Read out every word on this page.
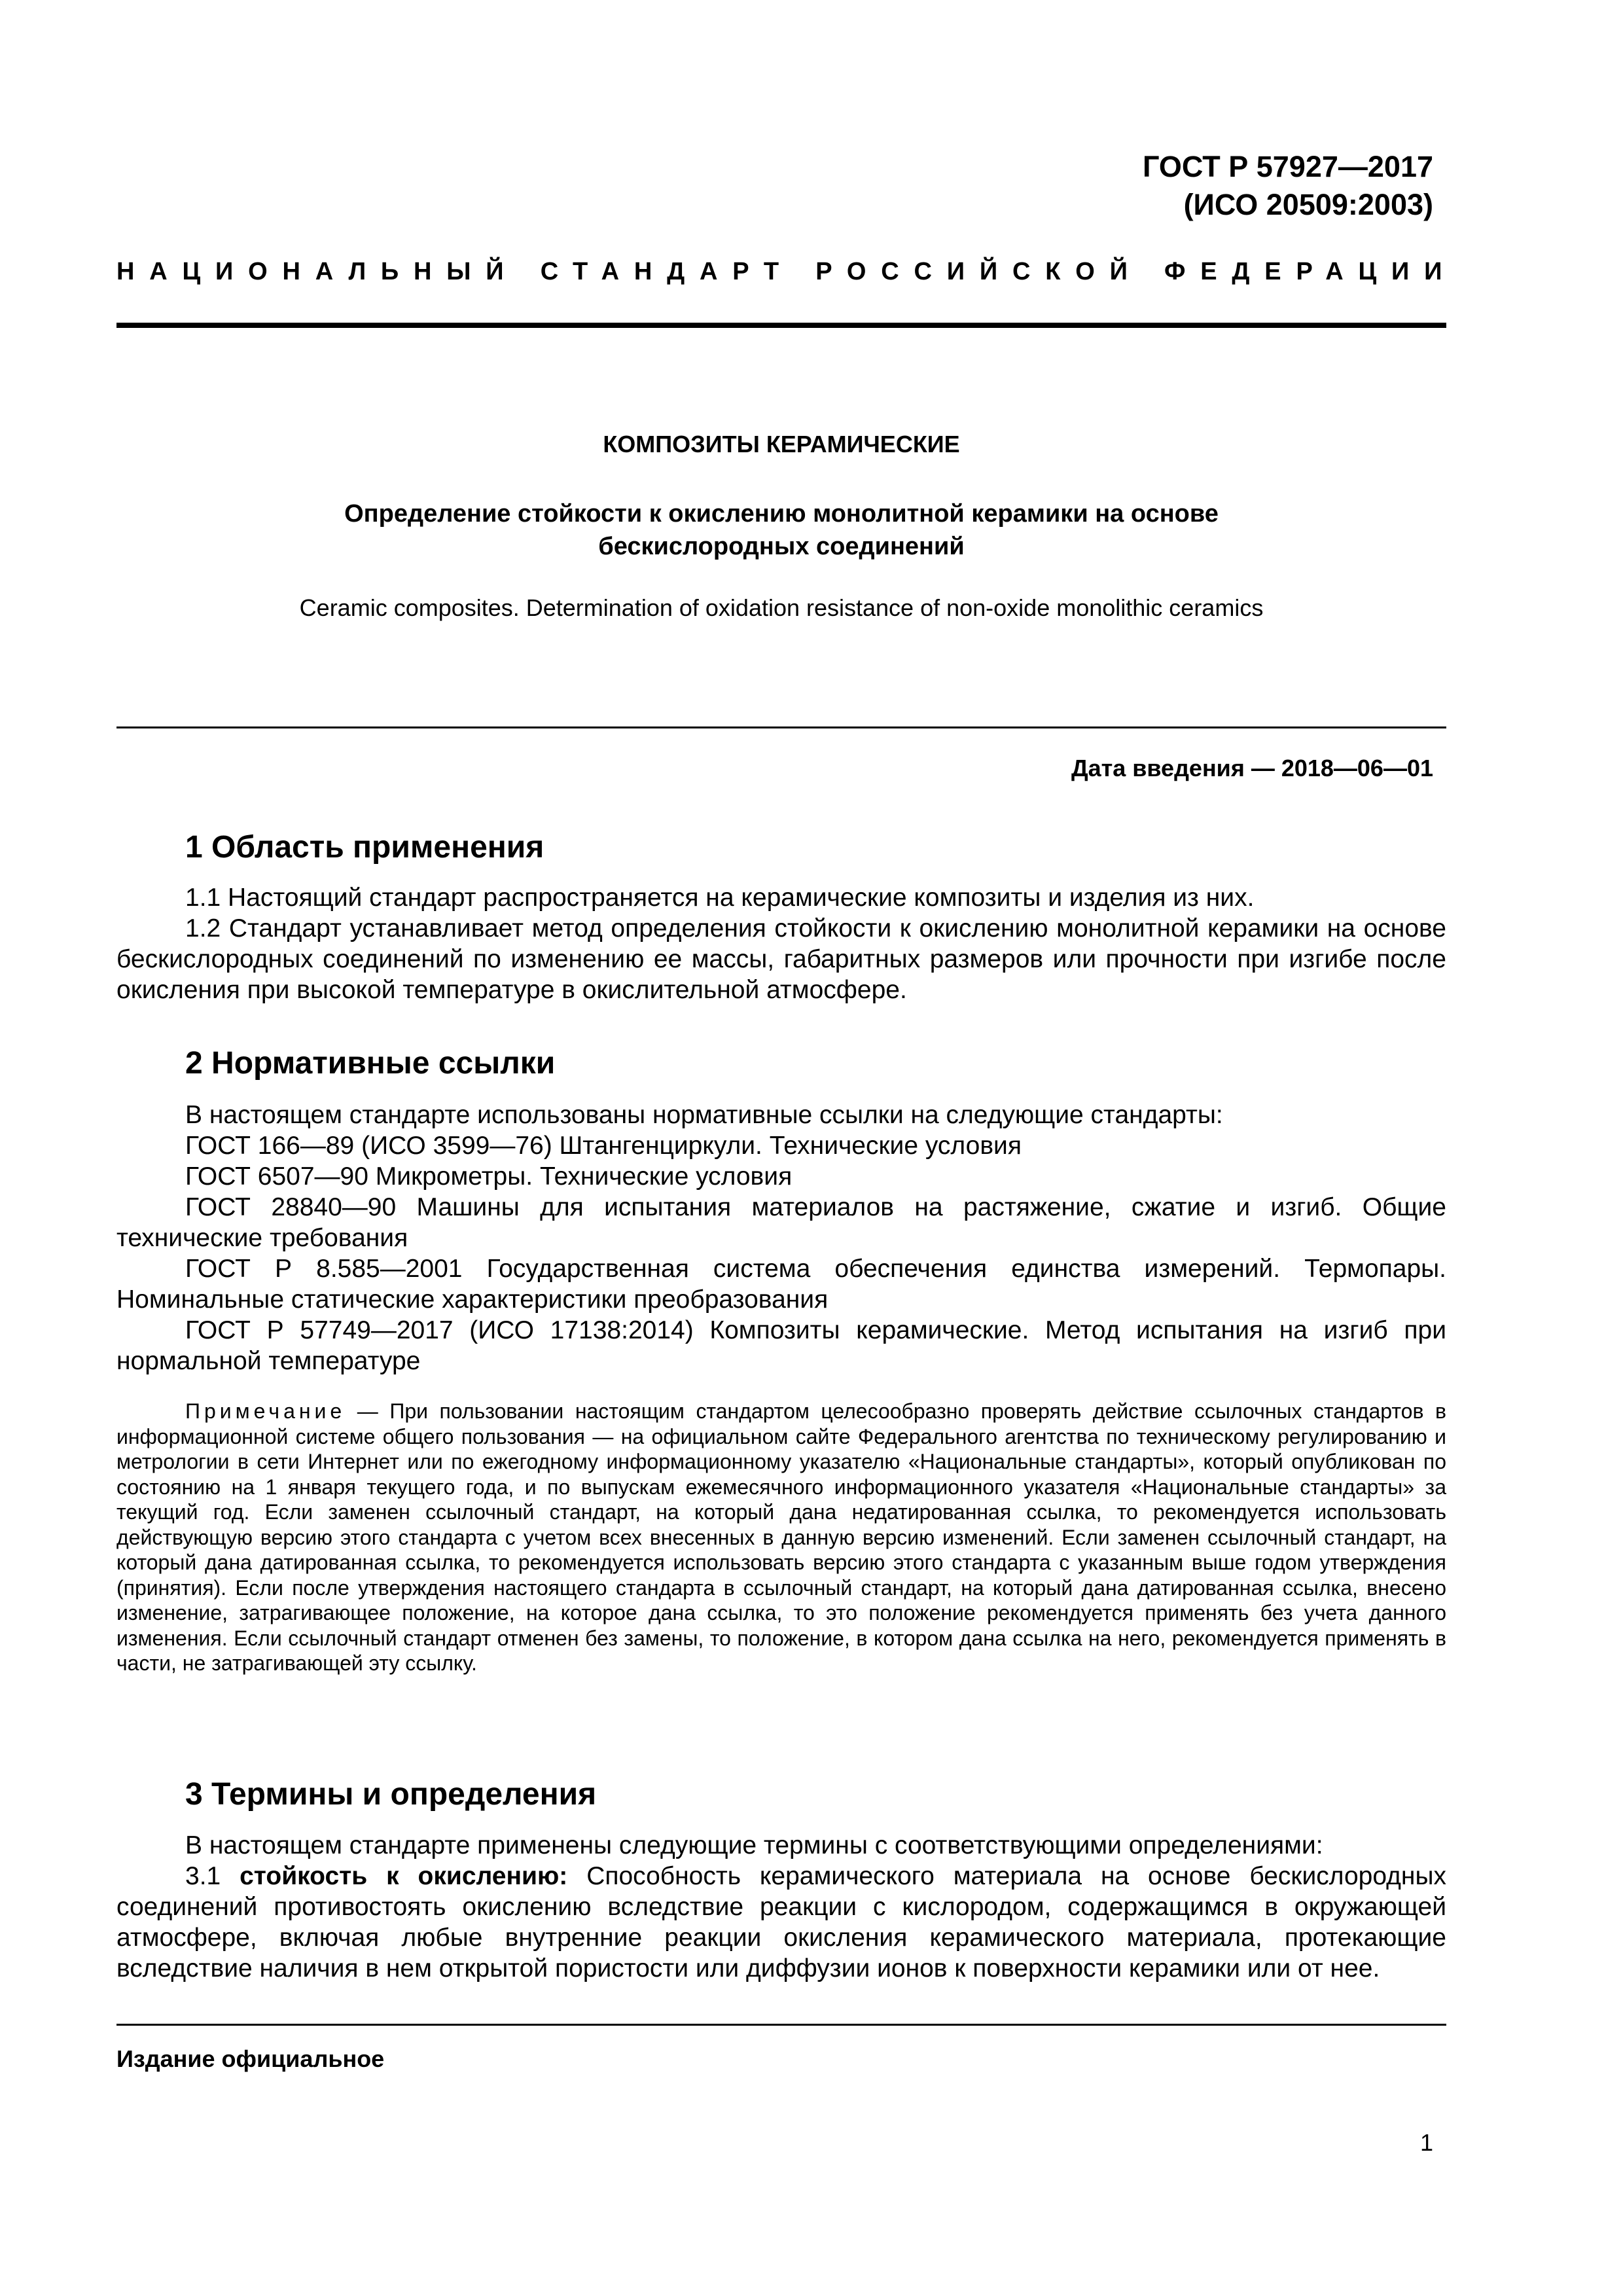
ГОСТ Р 57927—2017
(ИСО 20509:2003)
НАЦИОНАЛЬНЫЙ СТАНДАРТ РОССИЙСКОЙ ФЕДЕРАЦИИ
КОМПОЗИТЫ КЕРАМИЧЕСКИЕ
Определение стойкости к окислению монолитной керамики на основе
бескислородных соединений
Ceramic composites. Determination of oxidation resistance of non-oxide monolithic ceramics
Дата введения — 2018—06—01
1 Область применения

1.1 Настоящий стандарт распространяется на керамические композиты и изделия из них.

1.2 Стандарт устанавливает метод определения стойкости к окислению монолитной керамики на основе бескислородных соединений по изменению ее массы, габаритных размеров или прочности при изгибе после окисления при высокой температуре в окислительной атмосфере.

2 Нормативные ссылки

В настоящем стандарте использованы нормативные ссылки на следующие стандарты:

ГОСТ 166—89 (ИСО 3599—76) Штангенциркули. Технические условия

ГОСТ 6507—90 Микрометры. Технические условия

ГОСТ 28840—90 Машины для испытания материалов на растяжение, сжатие и изгиб. Общие технические требования

ГОСТ Р 8.585—2001 Государственная система обеспечения единства измерений. Термопары. Номинальные статические характеристики преобразования

ГОСТ Р 57749—2017 (ИСО 17138:2014) Композиты керамические. Метод испытания на изгиб при нормальной температуре

Примечание — При пользовании настоящим стандартом целесообразно проверять действие ссылочных стандартов в информационной системе общего пользования — на официальном сайте Федерального агентства по техническому регулированию и метрологии в сети Интернет или по ежегодному информационному указателю «Национальные стандарты», который опубликован по состоянию на 1 января текущего года, и по выпускам ежемесячного информационного указателя «Национальные стандарты» за текущий год. Если заменен ссылочный стандарт, на который дана недатированная ссылка, то рекомендуется использовать действующую версию этого стандарта с учетом всех внесенных в данную версию изменений. Если заменен ссылочный стандарт, на который дана датированная ссылка, то рекомендуется использовать версию этого стандарта с указанным выше годом утверждения (принятия). Если после утверждения настоящего стандарта в ссылочный стандарт, на который дана датированная ссылка, внесено изменение, затрагивающее положение, на которое дана ссылка, то это положение рекомендуется применять без учета данного изменения. Если ссылочный стандарт отменен без замены, то положение, в котором дана ссылка на него, рекомендуется применять в части, не затрагивающей эту ссылку.

3 Термины и определения

В настоящем стандарте применены следующие термины с соответствующими определениями:

3.1 стойкость к окислению: Способность керамического материала на основе бескислородных соединений противостоять окислению вследствие реакции с кислородом, содержащимся в окружающей атмосфере, включая любые внутренние реакции окисления керамического материала, протекающие вследствие наличия в нем открытой пористости или диффузии ионов к поверхности керамики или от нее.

Издание официальное
1
